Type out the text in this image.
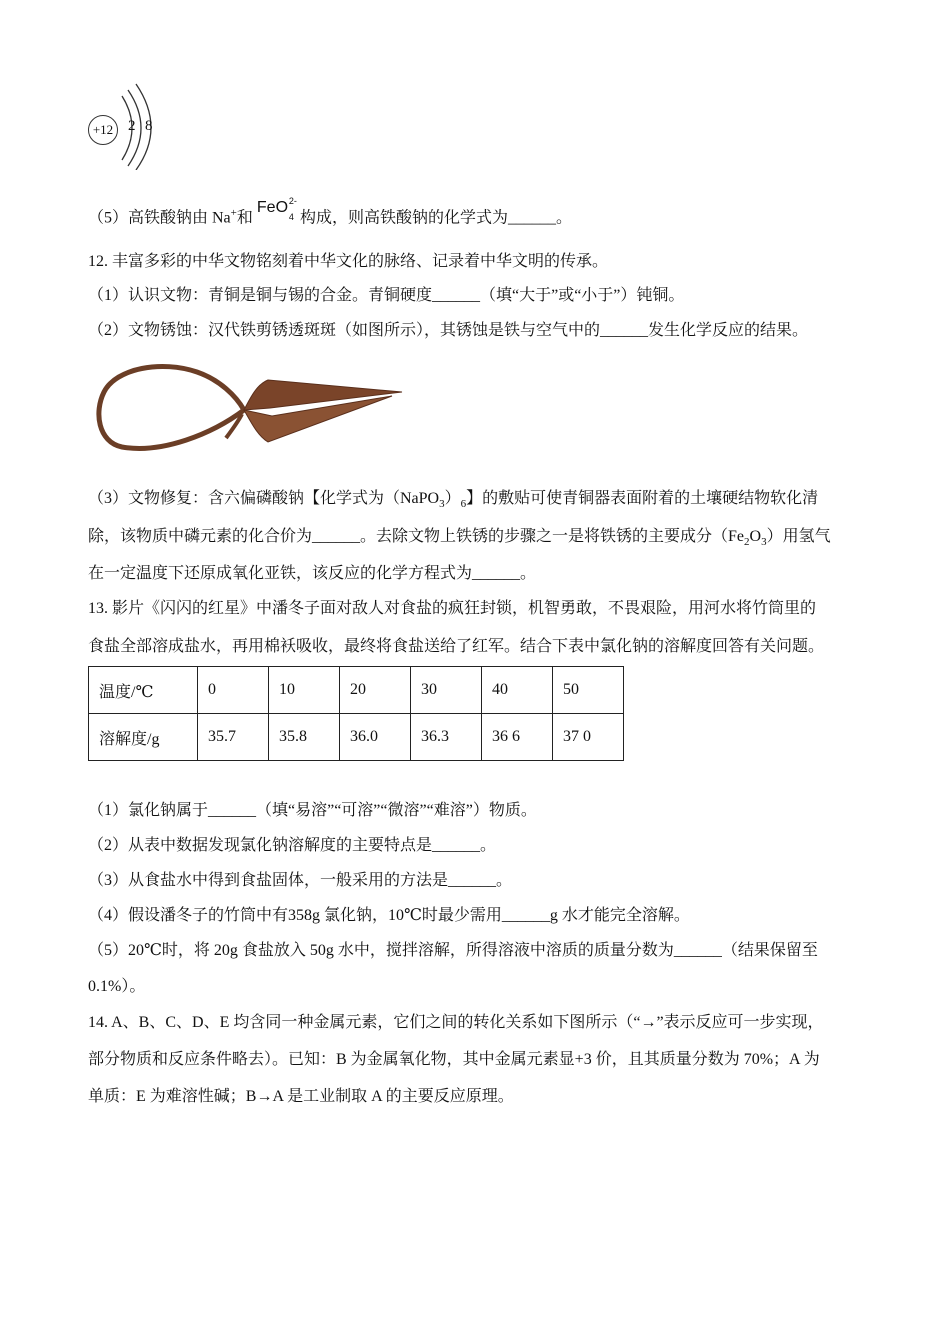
+12 2 8
（5）高铁酸钠由 Na+和FeO 2-
4 构成，则高铁酸钠的化学式为______。
12. 丰富多彩的中华文物铭刻着中华文化的脉络、记录着中华文明的传承。
（1）认识文物：青铜是铜与锡的合金。青铜硬度______（填“大于”或“小于”）钝铜。
（2）文物锈蚀：汉代铁剪锈透斑斑（如图所示），其锈蚀是铁与空气中的______发生化学反应的结果。
（3）文物修复：含六偏磷酸钠【化学式为$(NaPO_3)_6$】的敷贴可使青铜器表面附着的土壤硬结物软化清
除，该物质中磷元素的化合价为______。去除文物上铁锈的步骤之一是将铁锈的主要成分$(Fe_2O_3)$用氢气
在一定温度下还原成氧化亚铁，该反应的化学方程式为______。
13. 影片《闪闪的红星》中潘冬子面对敌人对食盐的疯狂封锁，机智勇敢，不畏艰险，用河水将竹筒里的
食盐全部溶成盐水，再用棉袄吸收，最终将食盐送给了红军。结合下表中氯化钠的溶解度回答有关问题。
温度/℃	0	10	20	30	40	50
溶解度/g	35.7	35.8	36.0	36.3	36 6	37 0
（1）氯化钠属于______（填“易溶”“可溶”“微溶”“难溶”）物质。
（2）从表中数据发现氯化钠溶解度的主要特点是______。
（3）从食盐水中得到食盐固体，一般采用的方法是______。
（4）假设潘冬子的竹筒中有358g 氯化钠，10℃时最少需用______g 水才能完全溶解。
（5）20℃时，将 20g 食盐放入 50g 水中，搅拌溶解，所得溶液中溶质的质量分数为______（结果保留至
0.1%）。
14. A、B、C、D、E 均含同一种金属元素，它们之间的转化关系如下图所示（“→”表示反应可一步实现，
部分物质和反应条件略去）。已知：B 为金属氧化物，其中金属元素显+3 价，且其质量分数为 70%；A 为
单质：E 为难溶性碱；B→A 是工业制取 A 的主要反应原理。
